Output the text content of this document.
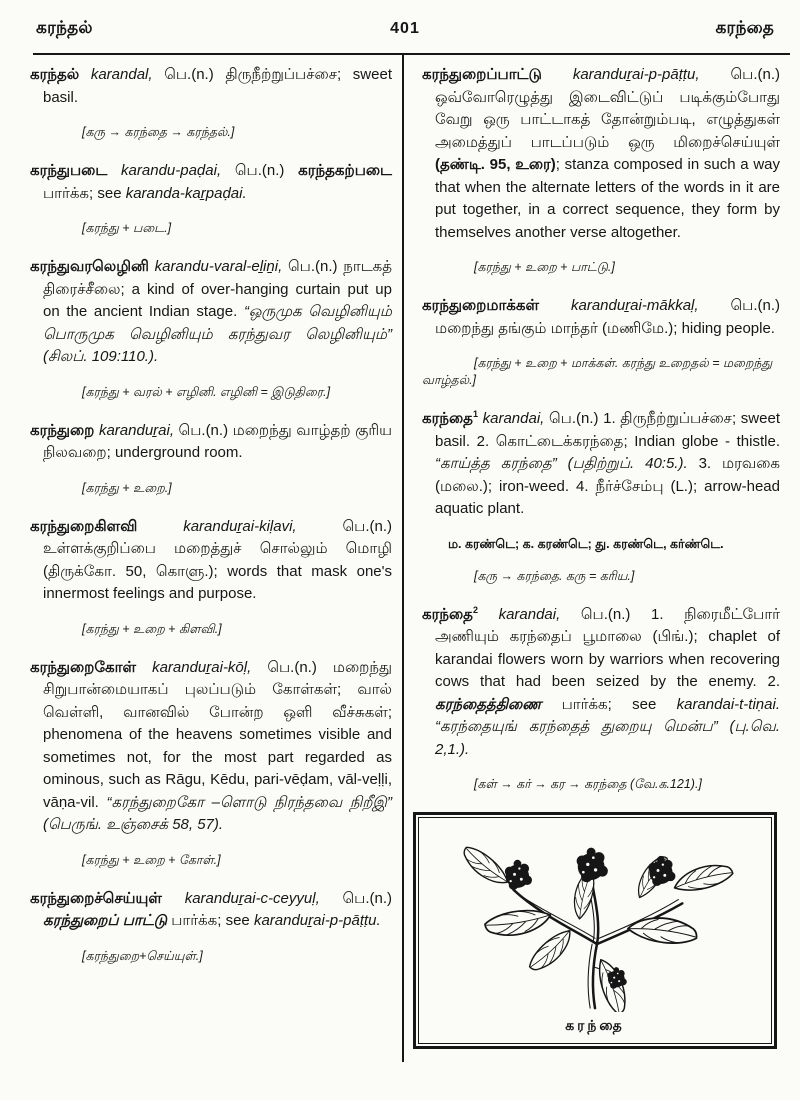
கரந்தல்	401	கரந்தை

கரந்தல் karandal, பெ.(n.) திருநீற்றுப்பச்சை; sweet basil.

[கரு → கரந்தை → கரந்தல்.]

கரந்துபடை karandu-paḍai, பெ.(n.) கரந்தகற்படை பார்க்க; see karanda-kaṟpaḍai.

[கரந்து + படை.]

கரந்துவரலெழினி karandu-varal-eḻiṉi, பெ.(n.) நாடகத் திரைச்சீலை; a kind of over-hanging curtain put up on the ancient Indian stage. “ஒருமுக வெழினியும் பொருமுக வெழினியும் கரந்துவர லெழினியும்” (சிலப். 109:110.).

[கரந்து + வரல் + எழினி. எழினி = இடுதிரை.]

கரந்துறை karanduṟai, பெ.(n.) மறைந்து வாழ்தற் குரிய நிலவறை; underground room.

[கரந்து + உறை.]

கரந்துறைகிளவி	karanduṟai-kiḷavi, பெ.(n.) உள்ளக்குறிப்பை மறைத்துச் சொல்லும் மொழி (திருக்கோ. 50, கொளு.); words that mask one's innermost feelings and purpose.

[கரந்து + உறை + கிளவி.]

கரந்துறைகோள் karanduṟai-kōḷ, பெ.(n.) மறைந்து சிறுபான்மையாகப் புலப்படும் கோள்கள்; வால் வெள்ளி, வானவில் போன்ற ஒளி வீச்சுகள்; phenomena of the heavens sometimes visible and sometimes not, for the most part regarded as ominous, such as Rāgu, Kēdu, pari-vēḍam, vāl-veḷḷi, vāṇa-vil. “கரந்துறைகோ –ளொடு நிரந்தவை நிறீஇ” (பெருங். உஞ்சைக் 58, 57).

[கரந்து + உறை + கோள்.]

கரந்துறைச்செய்யுள் karanduṟai-c-ceyyuḷ, பெ.(n.) கரந்துறைப் பாட்டு பார்க்க; see karanduṟai-p-pāṭṭu.

[கரந்துறை+செய்யுள்.]

கரந்துறைப்பாட்டு karanduṟai-p-pāṭṭu, பெ.(n.) ஒவ்வோரெழுத்து இடைவிட்டுப் படிக்கும்போது வேறு ஒரு பாட்டாகத் தோன்றும்படி, எழுத்துகள் அமைத்துப் பாடப்படும் ஒரு மிறைச்செய்யுள் (தண்டி. 95, உரை); stanza composed in such a way that when the alternate letters of the words in it are put together, in a correct sequence, they form by themselves another verse altogether.

[கரந்து + உறை + பாட்டு.]

கரந்துறைமாக்கள் karanduṟai-mākkaḷ, பெ.(n.) மறைந்து தங்கும் மாந்தர் (மணிமே.); hiding people.

[கரந்து + உறை + மாக்கள். கரந்து உறைதல் = மறைந்து வாழ்தல்.]

கரந்தை$^1$ karandai, பெ.(n.) 1. திருநீற்றுப்பச்சை; sweet basil. 2. கொட்டைக்கரந்தை; Indian globe - thistle. “காய்த்த கரந்தை” (பதிற்றுப். 40:5.). 3. மரவகை (மலை.); iron-weed. 4. நீர்ச்சேம்பு (L.); arrow-head aquatic plant.

ம. கரண்டெ; க. கரண்டெ; து. கரண்டெ, கர்ண்டெ.

[கரு → கரந்தை. கரு = கரிய.]

கரந்தை$^2$ karandai, பெ.(n.) 1. நிரைமீட்போர் அணியும் கரந்தைப் பூமாலை (பிங்.); chaplet of karandai flowers worn by warriors when recovering cows that had been seized by the enemy. 2. கரந்தைத்திணை பார்க்க; see karandai-t-tiṇai. “கரந்தையுங் கரந்தைத் துறையு மென்ப” (பு.வெ. 2,1.).

[கள் → கர் → கர → கரந்தை (வே.க.121).]

கரந்தை
